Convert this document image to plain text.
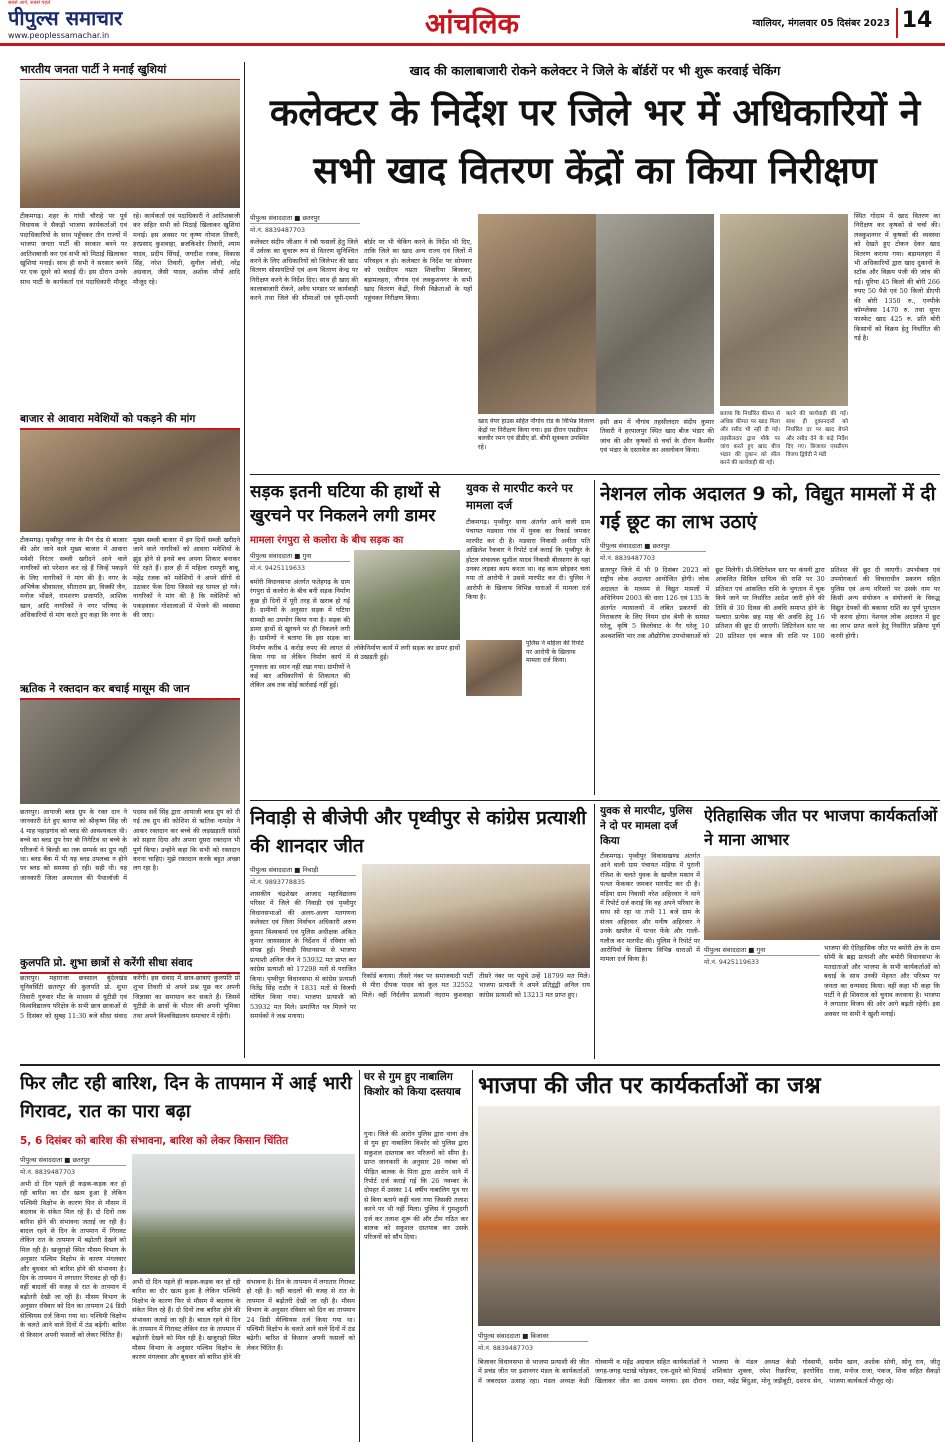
पीपुल्स समाचार
सबसे आगे, सबसे पहले
www.peoplessamachar.in	आंचलिक	ग्वालियर, मंगलवार 05 दिसंबर 2023 14
भारतीय जनता पार्टी ने मनाई खुशियां
टीकमगढ़। शहर के गांधी चौराहे पर पूर्व विधायक ने सैकड़ों भाजपा कार्यकर्ताओं एवं पदाधिकारियों के साथ पहुँचकर तीन राज्यों में भाजपा जनता पार्टी की सरकार बनने पर आतिशबाजी कर एवं सभी को मिठाई खिलाकर खुशियां मनाई। साथ ही सभी ने सरकार बनने पर एक दूसरे को बधाई दी। इस दौरान उनके साथ पार्टी के कार्यकर्ता एवं पदाधिकारी मौजूद रहे। कार्यकर्ता एवं पदाधिकारी ने आतिशबाजी कर सहित सभी को मिठाई खिलाकर खुशियां मनाई। इस अवसर पर कृष्ण गोपाल तिवारी, हरप्रसाद कुशवाहा, ब्रजकिशोर तिवारी, श्याम यादव, प्रदीप सिंघई, जगदीश रजक, विकास सिंह, नरेश तिवारी, सुनील लोधी, नरेंद्र अग्रवाल, जैसी यादव, अशोक मौर्या आदि मौजूद रहे।
बाजार से आवारा मवेशियों को पकड़ने की मांग
टीकमगढ़। पृथ्वीपुर नगर के मैन रोड से बाजार की ओर जाने वाले मुख्य बाजार में आवारा मवेशी निरंतर सब्जी खरीदने आने वाले नागरिकों को परेशान कर रहे हैं जिन्हें पकड़ने के लिए नागरिकों ने मांग की है। नगर के अभिषेक श्रीवास्तव, सीताराम झा, विक्की जैन, मनोज भोंडले, रामशरण प्रजापति, आशिक खान, आदि नागरिकों ने नगर परिषद के अधिकारियों से मांग करते हुए कहा कि नगर के मुख्य सब्जी बाजार में इन दिनों सब्जी खरीदने जाने वाले नागरिकों को आवारा मवेशियों के झुंड होने से इनसे बच अपना शिकार बनाकर घेरे रहते हैं। हाल ही में महिला रामपुरी बाबू, महेंद्र रजक को मवेशियों ने अपने सींगों से उठाकर फेंक दिया जिससे वह घायल हो गये। नागरिकों ने मांग की है कि मवेशियों को पकड़वाकर गोशालाओं में भेजने की व्यवस्था की जाए।
ऋतिक ने रक्तदान कर बचाई मासूम की जान
छतरपुर। आपाजी ब्लड ग्रुप के रक्त दान ने जानकारी देते हुए बताया को श्रीकृष्ण सिंह जी 4 माह पहाड़गांव को ब्लड की आवश्यकता थी। बच्चे का ब्लड ग्रुप रेयर बी निगेटिव था बच्चे के परिजनों ने बिल्डी का तक सम्पर्क का ग्रुप नहीं था। ब्लड बैंक में भी यह ब्लड उपलब्ध न होने पर ब्लड को समस्या हो रही। सही थी। यह जानकारी जिला अस्पताल की पैथालॉजी में पदस्थ सर्वे सिंह द्वारा आपाजी ब्लड ग्रुप को दी गई तब ग्रुप की कोशिश से ऋतिक नामदेव ने आकर रक्तदान कर बच्चे की लड़खड़ाती सांसों को सहारा दिया और अपना दूसरा रक्तदान भी पूर्ण किया। उन्होंने कहा कि सभी को रक्तदान करना चाहिए। मुझे रक्तदान करके बहुत अच्छा लग रहा है।
कुलपति प्रो. शुभा छात्रों से करेंगी सीधा संवाद
छतरपुर। महाराजा छत्रसाल बुंदेलखंड यूनिवर्सिटी छतरपुर की कुलपति प्रो. शुभा तिवारी गुरुवार मीट के माध्यम से यूटीडी एवं विश्वविद्यालय परिक्षेत्र के सभी छात्र छात्राओं से 5 दिसंबर को सुबह 11:30 बजे सीधा संवाद करेंगी। इस संवाद में छात्र-छात्राएं कुलपति प्रो शुभा तिवारी से अपने प्रश्न पूछ कर अपनी जिज्ञासा का समाधान कर सकते हैं। जिसमें यूटीडी के छात्रों के भीतर की अपनी भूमिका तथा अपने विश्वविद्यालय समाचार में रहेंगी।
खाद की कालाबाजारी रोकने कलेक्टर ने जिले के बॉर्डरों पर भी शुरू करवाई चेकिंग
कलेक्टर के निर्देश पर जिले भर में अधिकारियों ने सभी खाद वितरण केंद्रों का किया निरीक्षण
पीपुल्स संवाददाता ■ छतरपुर
मो.नं. 8839487703
कलेक्टर संदीप जीआर ने रबी फसलों हेतु जिले में उर्वरक का सुचारू रूप से वितरण सुनिश्चित करने के लिए अधिकारियों को जिलेभर की खाद वितरण सोसायटियों एवं अन्य वितरण केन्द्र पर निरीक्षण करने के निर्देश दिए। साथ ही खाद की कालाबाजारी रोकने, अवैध भण्डार पर कार्यवाही करने तथा जिले की सीमाओं एवं यूपी-एमपी बॉर्डर पर भी चेकिंग करने के निर्देश भी दिए, ताकि जिले का खाद अन्य राज्य एवं जिलों में परिवहन न हो। कलेक्टर के निर्देश पर सोमवार को एसडीएम नम्रता शिवारिया बिजावर, बड़ामलहरा, नौगांव एवं लवकुशनगर के सभी खाद वितरण केंद्रों, निजी विक्रेताओं के यहाँ पहुंचकर निरीक्षण किया।
खाद वेयर हाउस सहित नौगांव रोड के विभिन्न वितरण केंद्रों पर निरीक्षण किया गया। इस दौरान एसडीएम बलवीर रमन एवं डीडीए डॉ. बीपी सूत्रकार उपस्थित रहे।
इसी क्रम में नौगांव तहसीलदार संदीप कुमार तिवारी ने हरपालपुर स्थित खाद बीज भंडार की जांच की और कृषकों से चर्चा के दौरान कैश्मीर एवं भंडार के दस्तावेज का अवलोकन किया।
बताया कि निर्धारित कीमत से अधिक कीमत पर खाद मिला और रसीद भी नहीं दी गई। तहसीलदार द्वारा मौके पर जांच करते हुए खाद बीज भंडार की दुकान को सील करने की कार्यवाही की गई।
करने की कार्यवाही की गई। साथ ही दुकानदारों को निर्धारित दर पर खाद बेचने और रसीद देने के कड़े निर्देश दिए गए। बिजावर एसडीएम विजय द्विवेदी ने मंडी
स्थित गोदाम में खाद वितरण का निरीक्षण कर कृषकों से चर्चा की। लवकुशनगर में कृषकों की व्यवस्था को देखते हुए टोकन देकर खाद वितरण कराया गया। बड़ामलहरा में भी अधिकारियों द्वारा खाद दुकानों के स्टॉक और विक्रय पंजी की जांच की गई। यूरिया 45 किलो की बोरी 266 रुपए 50 पैसे एवं 50 किलो डीएपी की बोरी 1350 रु., एनपीके कॉम्प्लेक्स 1470 रु. तथा सुपर फास्फेट खाद 425 रु. प्रति बोरी किसानों को विक्रय हेतु निर्धारित की गई है।
सड़क इतनी घटिया की हाथों से खुरचने पर निकलने लगी डामर
मामला रंगपुरा से कलोरा के बीच सड़क का
पीपुल्स संवाददाता ■ गुना
मो.नं. 9425119633
बमोरी विधानसभा अंतर्गत फतेहगढ़ के ग्राम रंगपुरा से कलोरा के बीच बनी सड़क निर्माण कुछ ही दिनों में पूरी तरह से खराब हो गई है। ग्रामीणों के अनुसार सड़क में घटिया सामग्री का उपयोग किया गया है। सड़क की डामर हाथों से खुरचने पर ही निकलने लगी है। ग्रामीणों ने बताया कि इस सड़क का निर्माण करीब 4 करोड़ रुपए की लागत से किया गया था लेकिन निर्माण कार्य में गुणवत्ता का ध्यान नहीं रखा गया। ग्रामीणों ने कई बार अधिकारियों से शिकायत की लेकिन अब तक कोई कार्रवाई नहीं हुई।
लोकेनिर्माण कार्य में लगी सड़क का डामर हाथों से उखड़ती हुई।
युवक से मारपीट करने पर मामला दर्ज
टीकमगढ़। पृथ्वीपुर थाना अंतर्गत आने वाली ग्राम पंचायत मडवारा गांव में युवक का रिकार्ड जमकर मारपीट कर दी है। मडवारा निवासी अनीता पति अखिलेश रैकवार ने रिपोर्ट दर्ज कराई कि पृथ्वीपुर के होटल संचालक सुशील यादव निवासी बीरसागर के यहां उनका लड़का काम करता था। वह काम छोड़कर चला गया तो आरोपी ने उससे मारपीट कर दी। पुलिस ने आरोपी के खिलाफ विभिन्न धाराओं में मामला दर्ज किया है।
पुलिस ने महिला की रिपोर्ट पर आरोपी के खिलाफ मामला दर्ज किया।
नेशनल लोक अदालत 9 को, विद्युत मामलों में दी गई छूट का लाभ उठाएं
पीपुल्स संवाददाता ■ छतरपुर
मो.नं. 8839487703
छतरपुर जिले में भी 9 दिसंबर 2023 को राष्ट्रीय लोक अदालत आयोजित होगी। लोक अदालत के माध्यम से विद्युत मामलों में अधिनियम 2003 की धारा 126 एवं 135 के अंतर्गत न्यायालयों में लंबित प्रकरणों की निराकरण के लिए नियम दांव श्रेणी के समस्त घरेलू, कृषि 5 किलोवाट के गैर घरेलू 10 अश्वशक्ति भार तक औद्योगिक उपभोक्ताओं को छूट मिलेगी। प्री-लिटिगेशन स्तर पर कंपनी द्वारा आंकलित सिविल दायित्व की राशि पर 30 प्रतिशत एवं आंकलित राशि के भुगतान में चूक किये जाने पर निर्धारित आदेश जारी होने की तिथि से 30 दिवस की अवधि समाप्त होने के पश्चात प्रत्येक छह माह की अवधि हेतु 16 प्रतिशत की छूट दी जाएगी। लिटिगेशन स्तर पर 20 प्रतिशत एवं ब्याज की राशि पर 100 प्रतिशत की छूट दी जाएगी। उपभोक्ता एवं उपयोगकर्ता की विचाराधीन प्रकरण सहित पुलिस एवं अन्य परिसरों पर उसके नाम पर किसी अन्य संयोजन व संयोजनों के विरुद्ध विद्युत देयकों की बकाया राशि का पूर्ण भुगतान भी करना होगा। नेशनल लोक अदालत में छूट का लाभ प्राप्त करने हेतु निर्धारित प्रक्रिया पूर्ण करनी होगी।
निवाड़ी से बीजेपी और पृथ्वीपुर से कांग्रेस प्रत्याशी की शानदार जीत
पीपुल्स संवाददाता ■ निवाड़ी
मो.नं. 9893778835
शासकीय चंद्रशेखर आजाद महाविद्यालय परिसर में जिले की निवाड़ी एवं पृथ्वीपुर विधानसभाओं की अलग-अलग मतगणना कलेक्टर एवं जिला निर्वाचन अधिकारी अरुण कुमार विश्वकर्मा एवं पुलिस अधीक्षक अंकित कुमार जायसवाल के निर्देशन में रविवार को संपन्न हुई। निवाड़ी विधानसभा से भाजपा प्रत्याशी अनिल जैन ने 53932 मत प्राप्त कर कांग्रेस प्रत्याशी को 17298 मतों से पराजित किया। पृथ्वीपुर विधानसभा से कांग्रेस प्रत्याशी नितेंद्र सिंह राठौर ने 1831 मतों से विजयी घोषित किया गया। भाजपा प्रत्याशी को 53932 मत मिले। प्रमाणित पत्र मिलने पर समर्थकों ने जश्न मनाया।
रिकॉर्ड बनाया। तीसरे नंबर पर समाजवादी पार्टी से मीरा दीपक यादव को कुल मत 32552 मिले। वहीं निर्दलीय प्रत्याशी नंदराम कुशवाहा तीसरे नंबर पर पहुंचे उन्हें 18799 मत मिले। भाजपा प्रत्याशी ने अपने प्रतिद्वंद्वी अनिल राय कांग्रेस प्रत्याशी को 13213 मत प्राप्त हुए।
युवक से मारपीट, पुलिस ने दो पर मामला दर्ज किया
टीकमगढ़। पृथ्वीपुर विकासखण्ड अंतर्गत आने वाली ग्राम पंचायत मड़िया में पुरानी रंजिश के चलते युवक के खपरैल मकान में पत्थर फेंककर जमकर मारपीट कर दी है। मड़िया ग्राम निवासी नरेश अहिरवार ने थाने में रिपोर्ट दर्ज कराई कि वह अपने परिवार के साथ सो रहा था तभी 11 बजे ग्राम के संजय अहिरवार और मनीष अहिरवार ने उनके खपरैल में पत्थर फेंके और गाली-गलौज कर मारपीट की। पुलिस ने रिपोर्ट पर आरोपियों के खिलाफ विभिन्न धाराओं में मामला दर्ज किया है।
ऐतिहासिक जीत पर भाजपा कार्यकर्ताओं ने माना आभार
पीपुल्स संवाददाता ■ गुना
मो.नं. 9425119633
भाजपा की ऐतिहासिक जीत पर बमोरी क्षेत्र के ग्राम सोमी के ब्रह्म प्रत्याशी और बमोरी विधानसभा के मतदाताओं और भाजपा के सभी कार्यकर्ताओं को बधाई के साथ उनकी मेहनत और परिश्रम पर जनता का धन्यवाद किया। वहीं कहा भी कहा कि पार्टी ने ही शिवराज को चुनाव करवाया है। भाजपा ने लगातार विजय की ओर आगे बढ़ती रहेगी। इस अवसर पर सभी ने खुशी मनाई।
फिर लौट रही बारिश, दिन के तापमान में आई भारी गिरावट, रात का पारा बढ़ा
5, 6 दिसंबर को बारिश की संभावना, बारिश को लेकर किसान चिंतित
पीपुल्स संवाददाता ■ छतरपुर
मो.नं. 8839487703
अभी दो दिन पहले ही कड़क-कड़क कर हो रही बारिश का दौर खत्म हुआ है लेकिन पश्चिमी विक्षोभ के कारण फिर से मौसम में बदलाव के संकेत मिल रहे हैं। दो दिनों तक बारिश होने की संभावना जताई जा रही है। बादल रहने से दिन के तापमान में गिरावट लेकिन रात के तापमान में बढ़ोतरी देखने को मिल रही है। खजुराहो स्थित मौसम विभाग के अनुसार पश्चिम विक्षोभ के कारण मंगलवार और बुधवार को बारिश होने की संभावना है। दिन के तापमान में लगातार गिरावट हो रही है। वहीं बादलों की वजह से रात के तापमान में बढ़ोतरी देखी जा रही है। मौसम विभाग के अनुसार रविवार को दिन का तापमान 24 डिग्री सेल्सियस दर्ज किया गया था। पश्चिमी विक्षोभ के चलते आने वाले दिनों में ठंड बढ़ेगी। बारिश से किसान अपनी फसलों को लेकर चिंतित हैं।
अभी दो दिन पहले ही कड़क-कड़क कर हो रही बारिश का दौर खत्म हुआ है लेकिन पश्चिमी विक्षोभ के कारण फिर से मौसम में बदलाव के संकेत मिल रहे हैं। दो दिनों तक बारिश होने की संभावना जताई जा रही है। बादल रहने से दिन के तापमान में गिरावट लेकिन रात के तापमान में बढ़ोतरी देखने को मिल रही है। खजुराहो स्थित मौसम विभाग के अनुसार पश्चिम विक्षोभ के कारण मंगलवार और बुधवार को बारिश होने की संभावना है। दिन के तापमान में लगातार गिरावट हो रही है। वहीं बादलों की वजह से रात के तापमान में बढ़ोतरी देखी जा रही है। मौसम विभाग के अनुसार रविवार को दिन का तापमान 24 डिग्री सेल्सियस दर्ज किया गया था। पश्चिमी विक्षोभ के चलते आने वाले दिनों में ठंड बढ़ेगी। बारिश से किसान अपनी फसलों को लेकर चिंतित हैं।
घर से गुम हुए नाबालिग किशोर को किया दस्तयाब
गुना। जिले की आरोन पुलिस द्वारा थाना क्षेत्र से गुम हुए नाबालिग किशोर को पुलिस द्वारा सकुशल दस्तयाब कर परिजनों को सौंपा है। प्राप्त जानकारी के अनुसार 28 नवंबर को पीड़ित बालक के पिता द्वारा आरोन थाने में रिपोर्ट दर्ज कराई गई कि 26 नवम्बर के दोपहर में उसका 14 वर्षीय नाबालिग पुत्र घर से बिना बताये कहीं चला गया जिसकी तलाश करने पर भी नहीं मिला। पुलिस ने गुमशुदगी दर्ज कर तलाश शुरू की और टीम गठित कर बालक को सकुशल दस्तयाब कर उसके परिजनों को सौंप दिया।
भाजपा की जीत पर कार्यकर्ताओं का जश्न
पीपुल्स संवाददाता ■ बिजावर
मो.नं. 8839487703
बिजावर विधानसभा से भाजपा प्रत्याशी की जीत में प्रचंड जीत पर इशानगर मंडल के कार्यकर्ताओं में जबरदस्त उत्साह रहा। मंडल अध्यक्ष केडी गोस्वामी व महेंद्र अग्रवाल सहित कार्यकर्ताओं ने जगह-जगह पटाखे फोड़कर, एक-दूसरे को मिठाई खिलाकर जीत का उत्सव मनाया। इस दौरान भाजपा के मंडल अध्यक्ष केडी गोस्वामी, शशिकांत शुक्ला, रमेश रिछारिया, हरगोविंद रावत, महेंद्र बिंदुआ, मोनू जड़ीबूटी, दशरथ सेन, समीम खान, अशोक सोनी, सोनू राय, जीतू राजा, मनोज राजा, पंकज, शिवा सहित सैकड़ों भाजपा कार्यकर्ता मौजूद रहे।
